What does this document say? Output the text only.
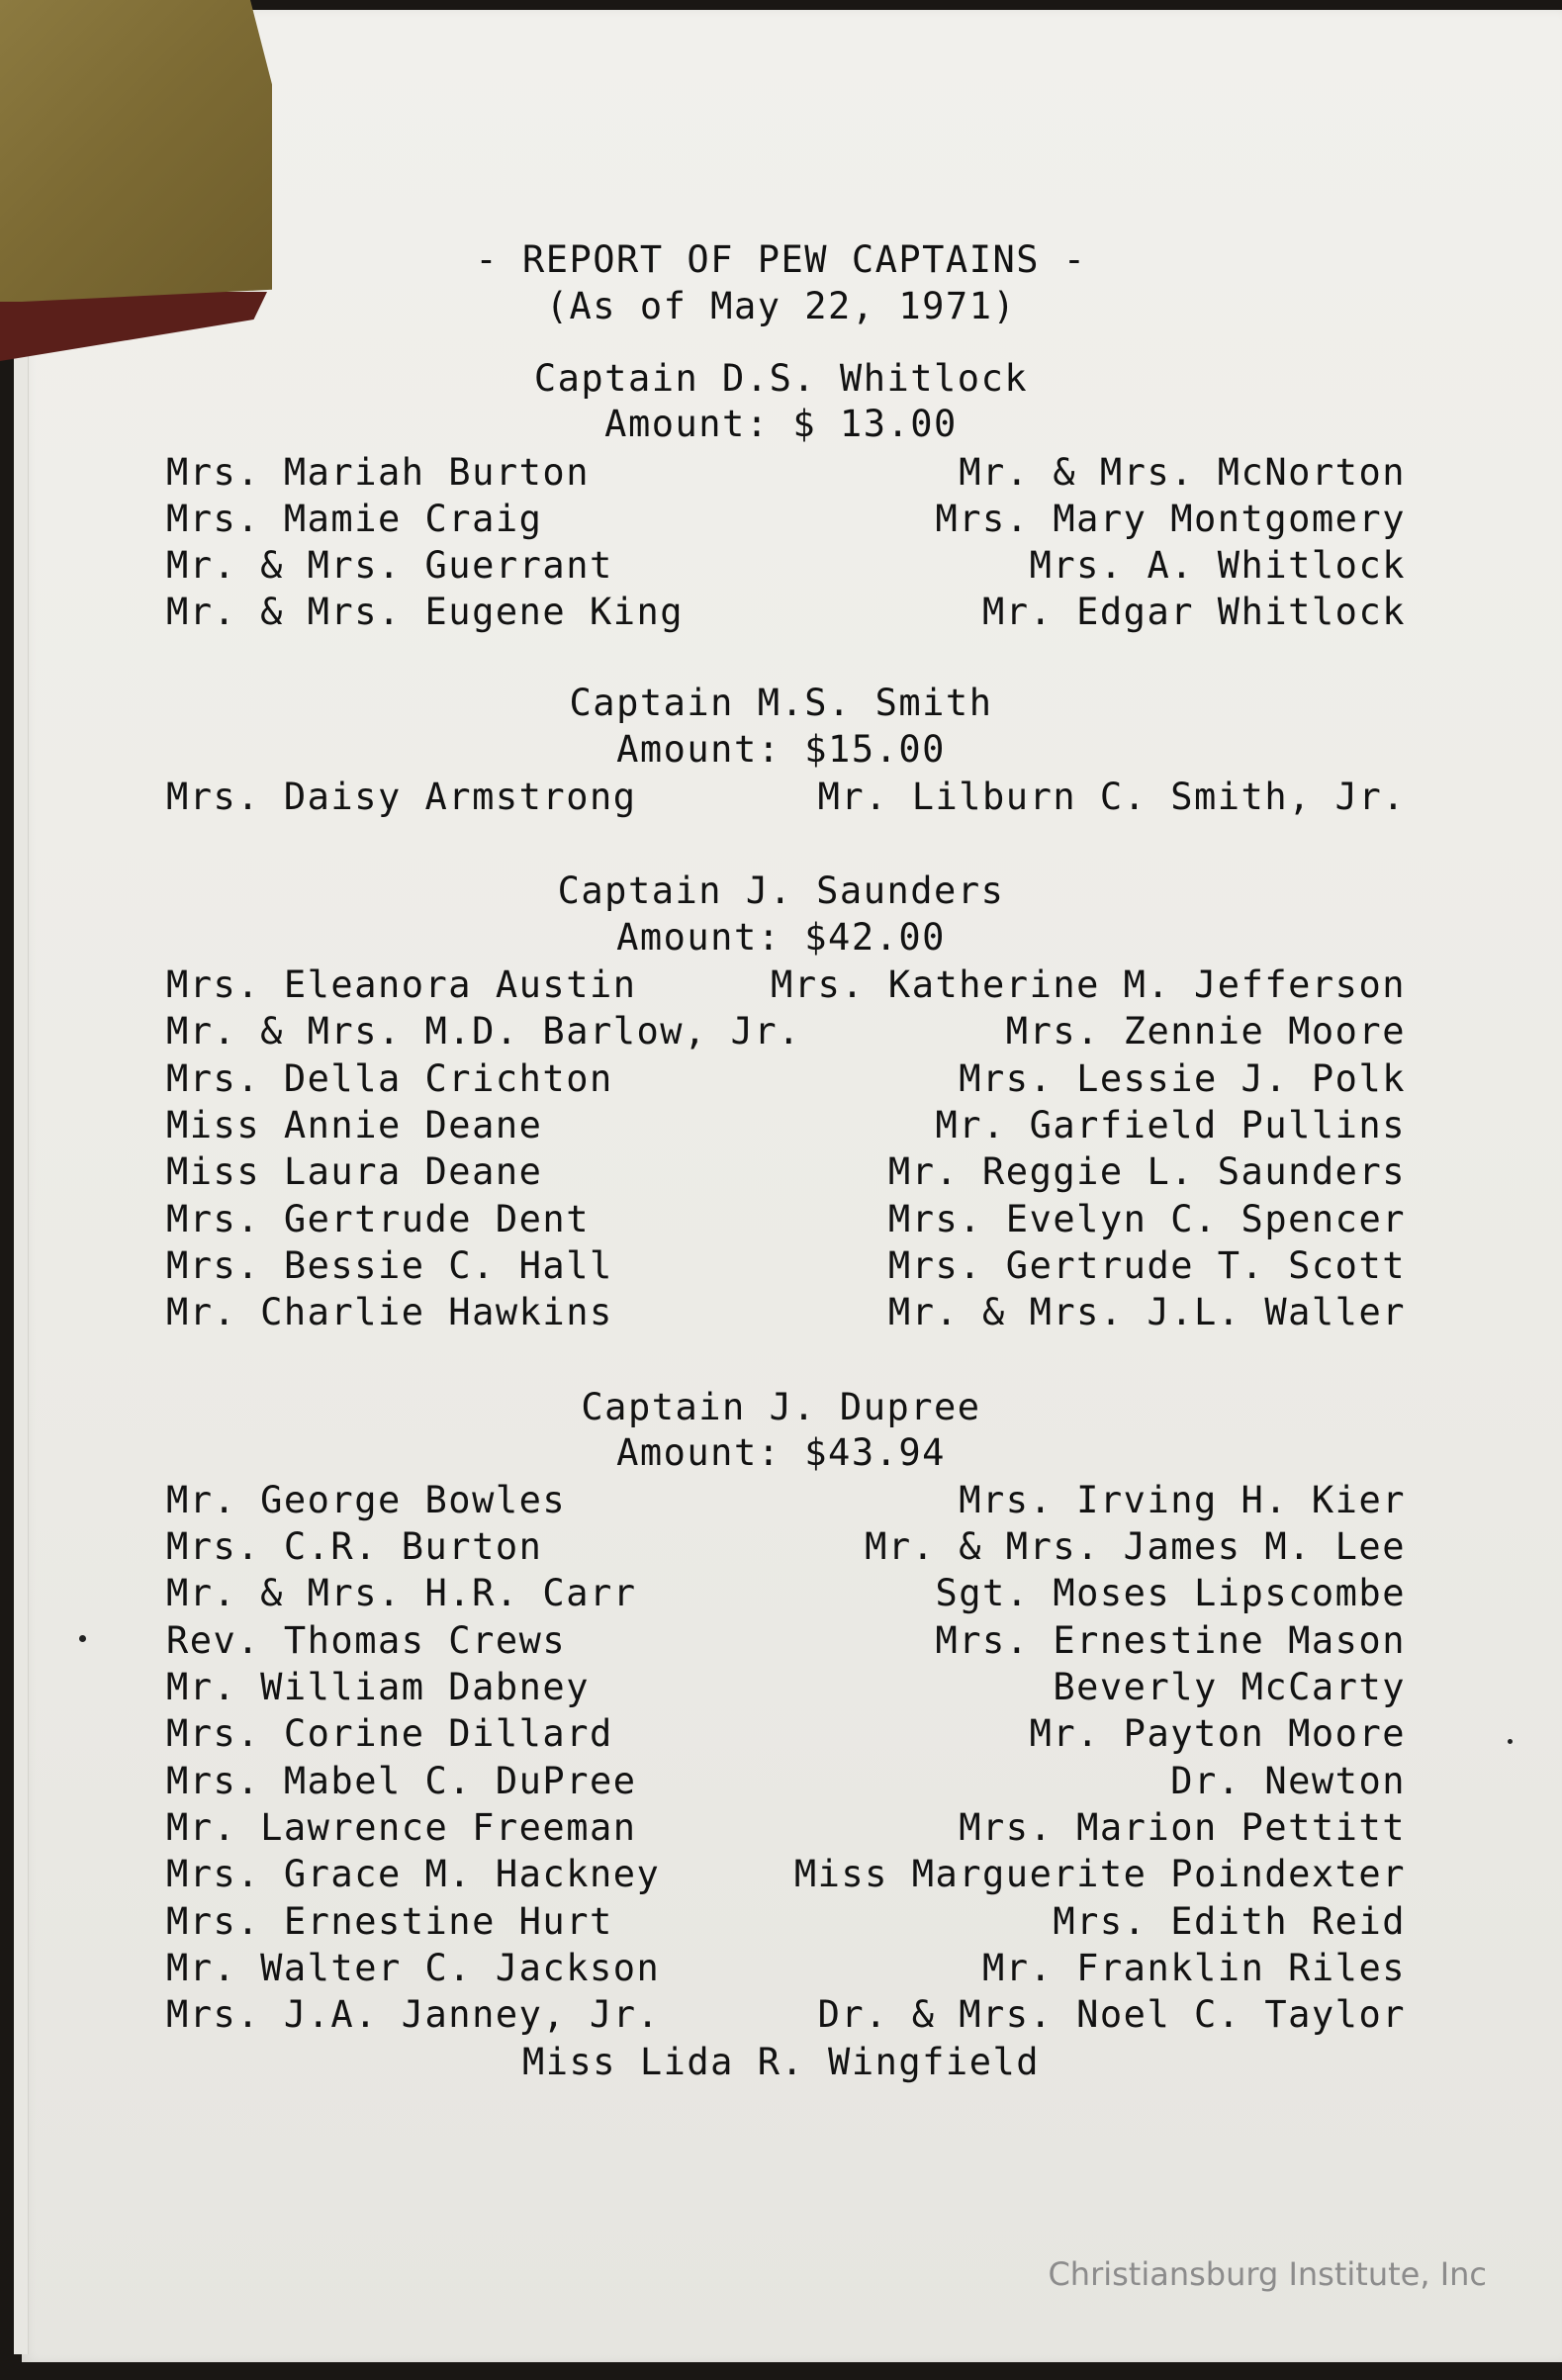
- REPORT OF PEW CAPTAINS -
(As of May 22, 1971)
Captain D.S. Whitlock
Amount: $ 13.00
Mrs. Mariah Burton
Mrs. Mamie Craig
Mr. & Mrs. Guerrant
Mr. & Mrs. Eugene King
Mr. & Mrs. McNorton
Mrs. Mary Montgomery
Mrs. A. Whitlock
Mr. Edgar Whitlock
Captain M.S. Smith
Amount: $15.00
Mrs. Daisy Armstrong	Mr. Lilburn C. Smith, Jr.
Captain J. Saunders
Amount: $42.00
Mrs. Eleanora Austin
Mr. & Mrs. M.D. Barlow, Jr.
Mrs. Della Crichton
Miss Annie Deane
Miss Laura Deane
Mrs. Gertrude Dent
Mrs. Bessie C. Hall
Mr. Charlie Hawkins
Mrs. Katherine M. Jefferson
Mrs. Zennie Moore
Mrs. Lessie J. Polk
Mr. Garfield Pullins
Mr. Reggie L. Saunders
Mrs. Evelyn C. Spencer
Mrs. Gertrude T. Scott
Mr. & Mrs. J.L. Waller
Captain J. Dupree
Amount: $43.94
Mr. George Bowles
Mrs. C.R. Burton
Mr. & Mrs. H.R. Carr
Rev. Thomas Crews
Mr. William Dabney
Mrs. Corine Dillard
Mrs. Mabel C. DuPree
Mr. Lawrence Freeman
Mrs. Grace M. Hackney
Mrs. Ernestine Hurt
Mr. Walter C. Jackson
Mrs. J.A. Janney, Jr.
Mrs. Irving H. Kier
Mr. & Mrs. James M. Lee
Sgt. Moses Lipscombe
Mrs. Ernestine Mason
Beverly McCarty
Mr. Payton Moore
Dr. Newton
Mrs. Marion Pettitt
Miss Marguerite Poindexter
Mrs. Edith Reid
Mr. Franklin Riles
Dr. & Mrs. Noel C. Taylor
Miss Lida R. Wingfield
Christiansburg Institute, Inc
